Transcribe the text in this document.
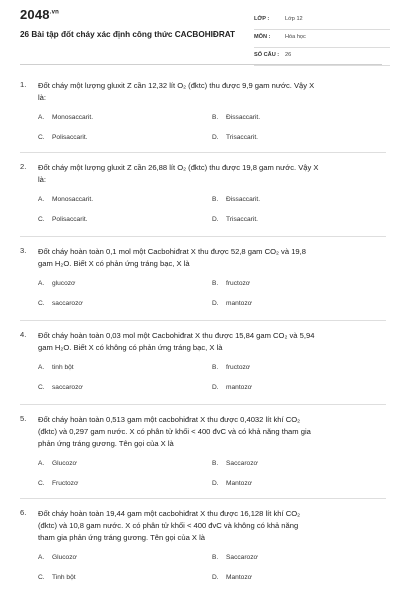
$2048^{.vn}$
26 Bài tập đốt cháy xác định công thức CACBOHIĐRAT
LỚP :	Lớp 12
MÔN :	Hóa học
SỐ CÂU : 26
1. Đốt cháy một lượng gluxit Z cần 12,32 lít O₂ (đktc) thu được 9,9 gam nước. Vậy X
là:
A. Monosaccarit.	B. Đissaccarit.
C. Polisaccarit.	D. Trisaccarit.
2. Đốt cháy một lượng gluxit Z cần 26,88 lít O₂ (đktc) thu được 19,8 gam nước. Vậy X
là:
A. Monosaccarit.	B. Đissaccarit.
C. Polisaccarit.	D. Trisaccarit.
3. Đốt cháy hoàn toàn 0,1 mol một Cacbohiđrat X thu được 52,8 gam CO₂ và 19,8
gam H₂O. Biết X có phản ứng tráng bạc, X là
A. glucozơ	B. fructozơ
C. saccarozơ	D. mantozơ
4. Đốt cháy hoàn toàn 0,03 mol một Cacbohiđrat X thu được 15,84 gam CO₂ và 5,94
gam H₂O. Biết X có không có phản ứng tráng bạc, X là
A. tinh bột	B. fructozơ
C. saccarozơ	D. mantozơ
5. Đốt cháy hoàn toàn 0,513 gam một cacbohiđrat X thu được 0,4032 lít khí CO₂
(đktc) và 0,297 gam nước. X có phân tử khối < 400 đvC và có khả năng tham gia
phản ứng tráng gương. Tên gọi của X là
A. Glucozơ	B. Saccarozơ
C. Fructozơ	D. Mantozơ
6. Đốt cháy hoàn toàn 19,44 gam một cacbohiđrat X thu được 16,128 lít khí CO₂
(đktc) và 10,8 gam nước. X có phân tử khối < 400 đvC và không có khả năng
tham gia phản ứng tráng gương. Tên gọi của X là
A. Glucozơ	B. Saccarozơ
C. Tinh bột	D. Mantozơ
